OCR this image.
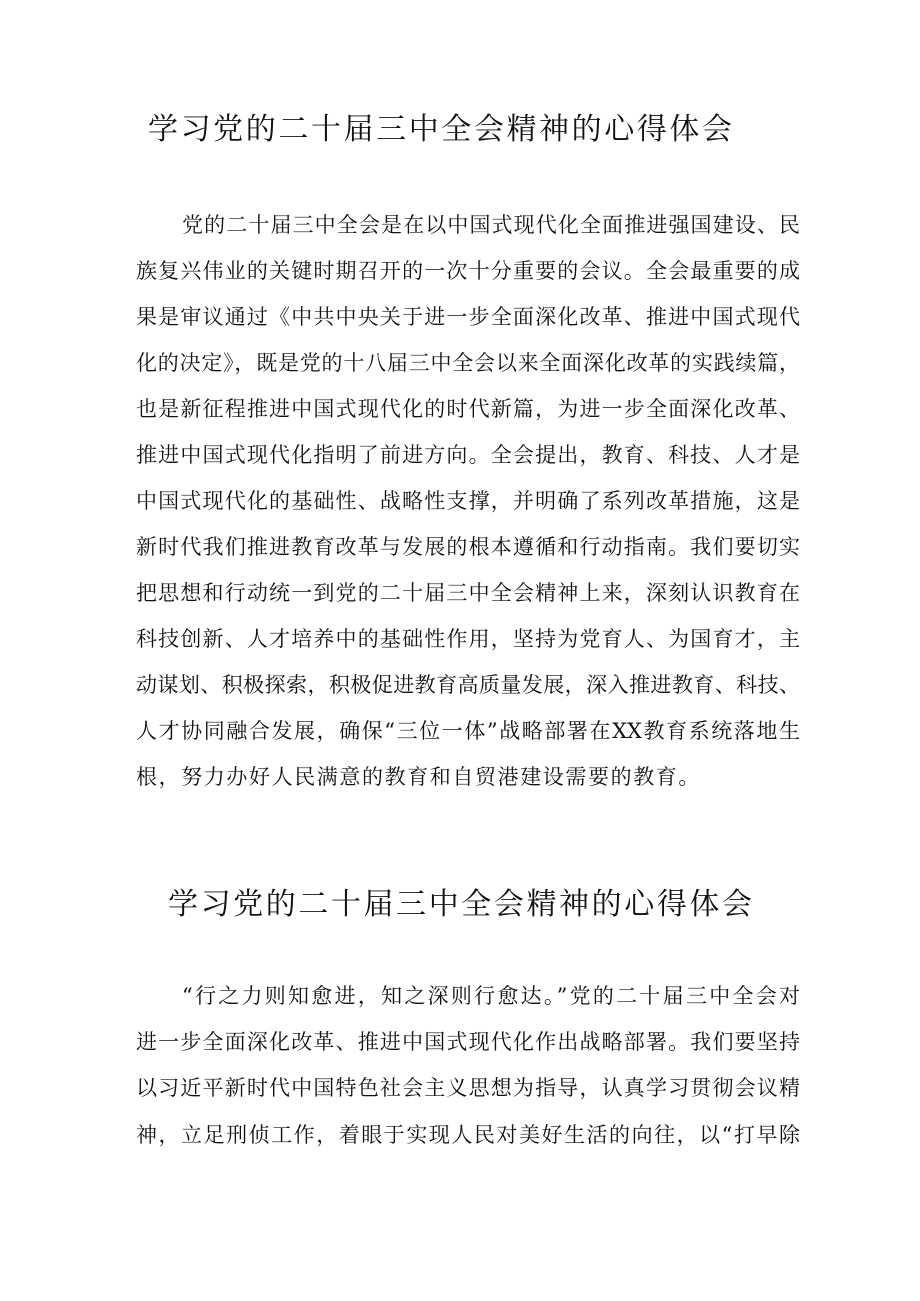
学习党的二十届三中全会精神的心得体会
党的二十届三中全会是在以中国式现代化全面推进强国建设、民
族复兴伟业的关键时期召开的一次十分重要的会议。全会最重要的成
果是审议通过《中共中央关于进一步全面深化改革、推进中国式现代
化的决定》，既是党的十八届三中全会以来全面深化改革的实践续篇，
也是新征程推进中国式现代化的时代新篇，为进一步全面深化改革、
推进中国式现代化指明了前进方向。全会提出，教育、科技、人才是
中国式现代化的基础性、战略性支撑，并明确了系列改革措施，这是
新时代我们推进教育改革与发展的根本遵循和行动指南。我们要切实
把思想和行动统一到党的二十届三中全会精神上来，深刻认识教育在
科技创新、人才培养中的基础性作用，坚持为党育人、为国育才，主
动谋划、积极探索，积极促进教育高质量发展，深入推进教育、科技、
人才协同融合发展，确保“三位一体”战略部署在XX教育系统落地生
根，努力办好人民满意的教育和自贸港建设需要的教育。
学习党的二十届三中全会精神的心得体会
“行之力则知愈进，知之深则行愈达。”党的二十届三中全会对
进一步全面深化改革、推进中国式现代化作出战略部署。我们要坚持
以习近平新时代中国特色社会主义思想为指导，认真学习贯彻会议精
神，立足刑侦工作，着眼于实现人民对美好生活的向往，以“打早除
